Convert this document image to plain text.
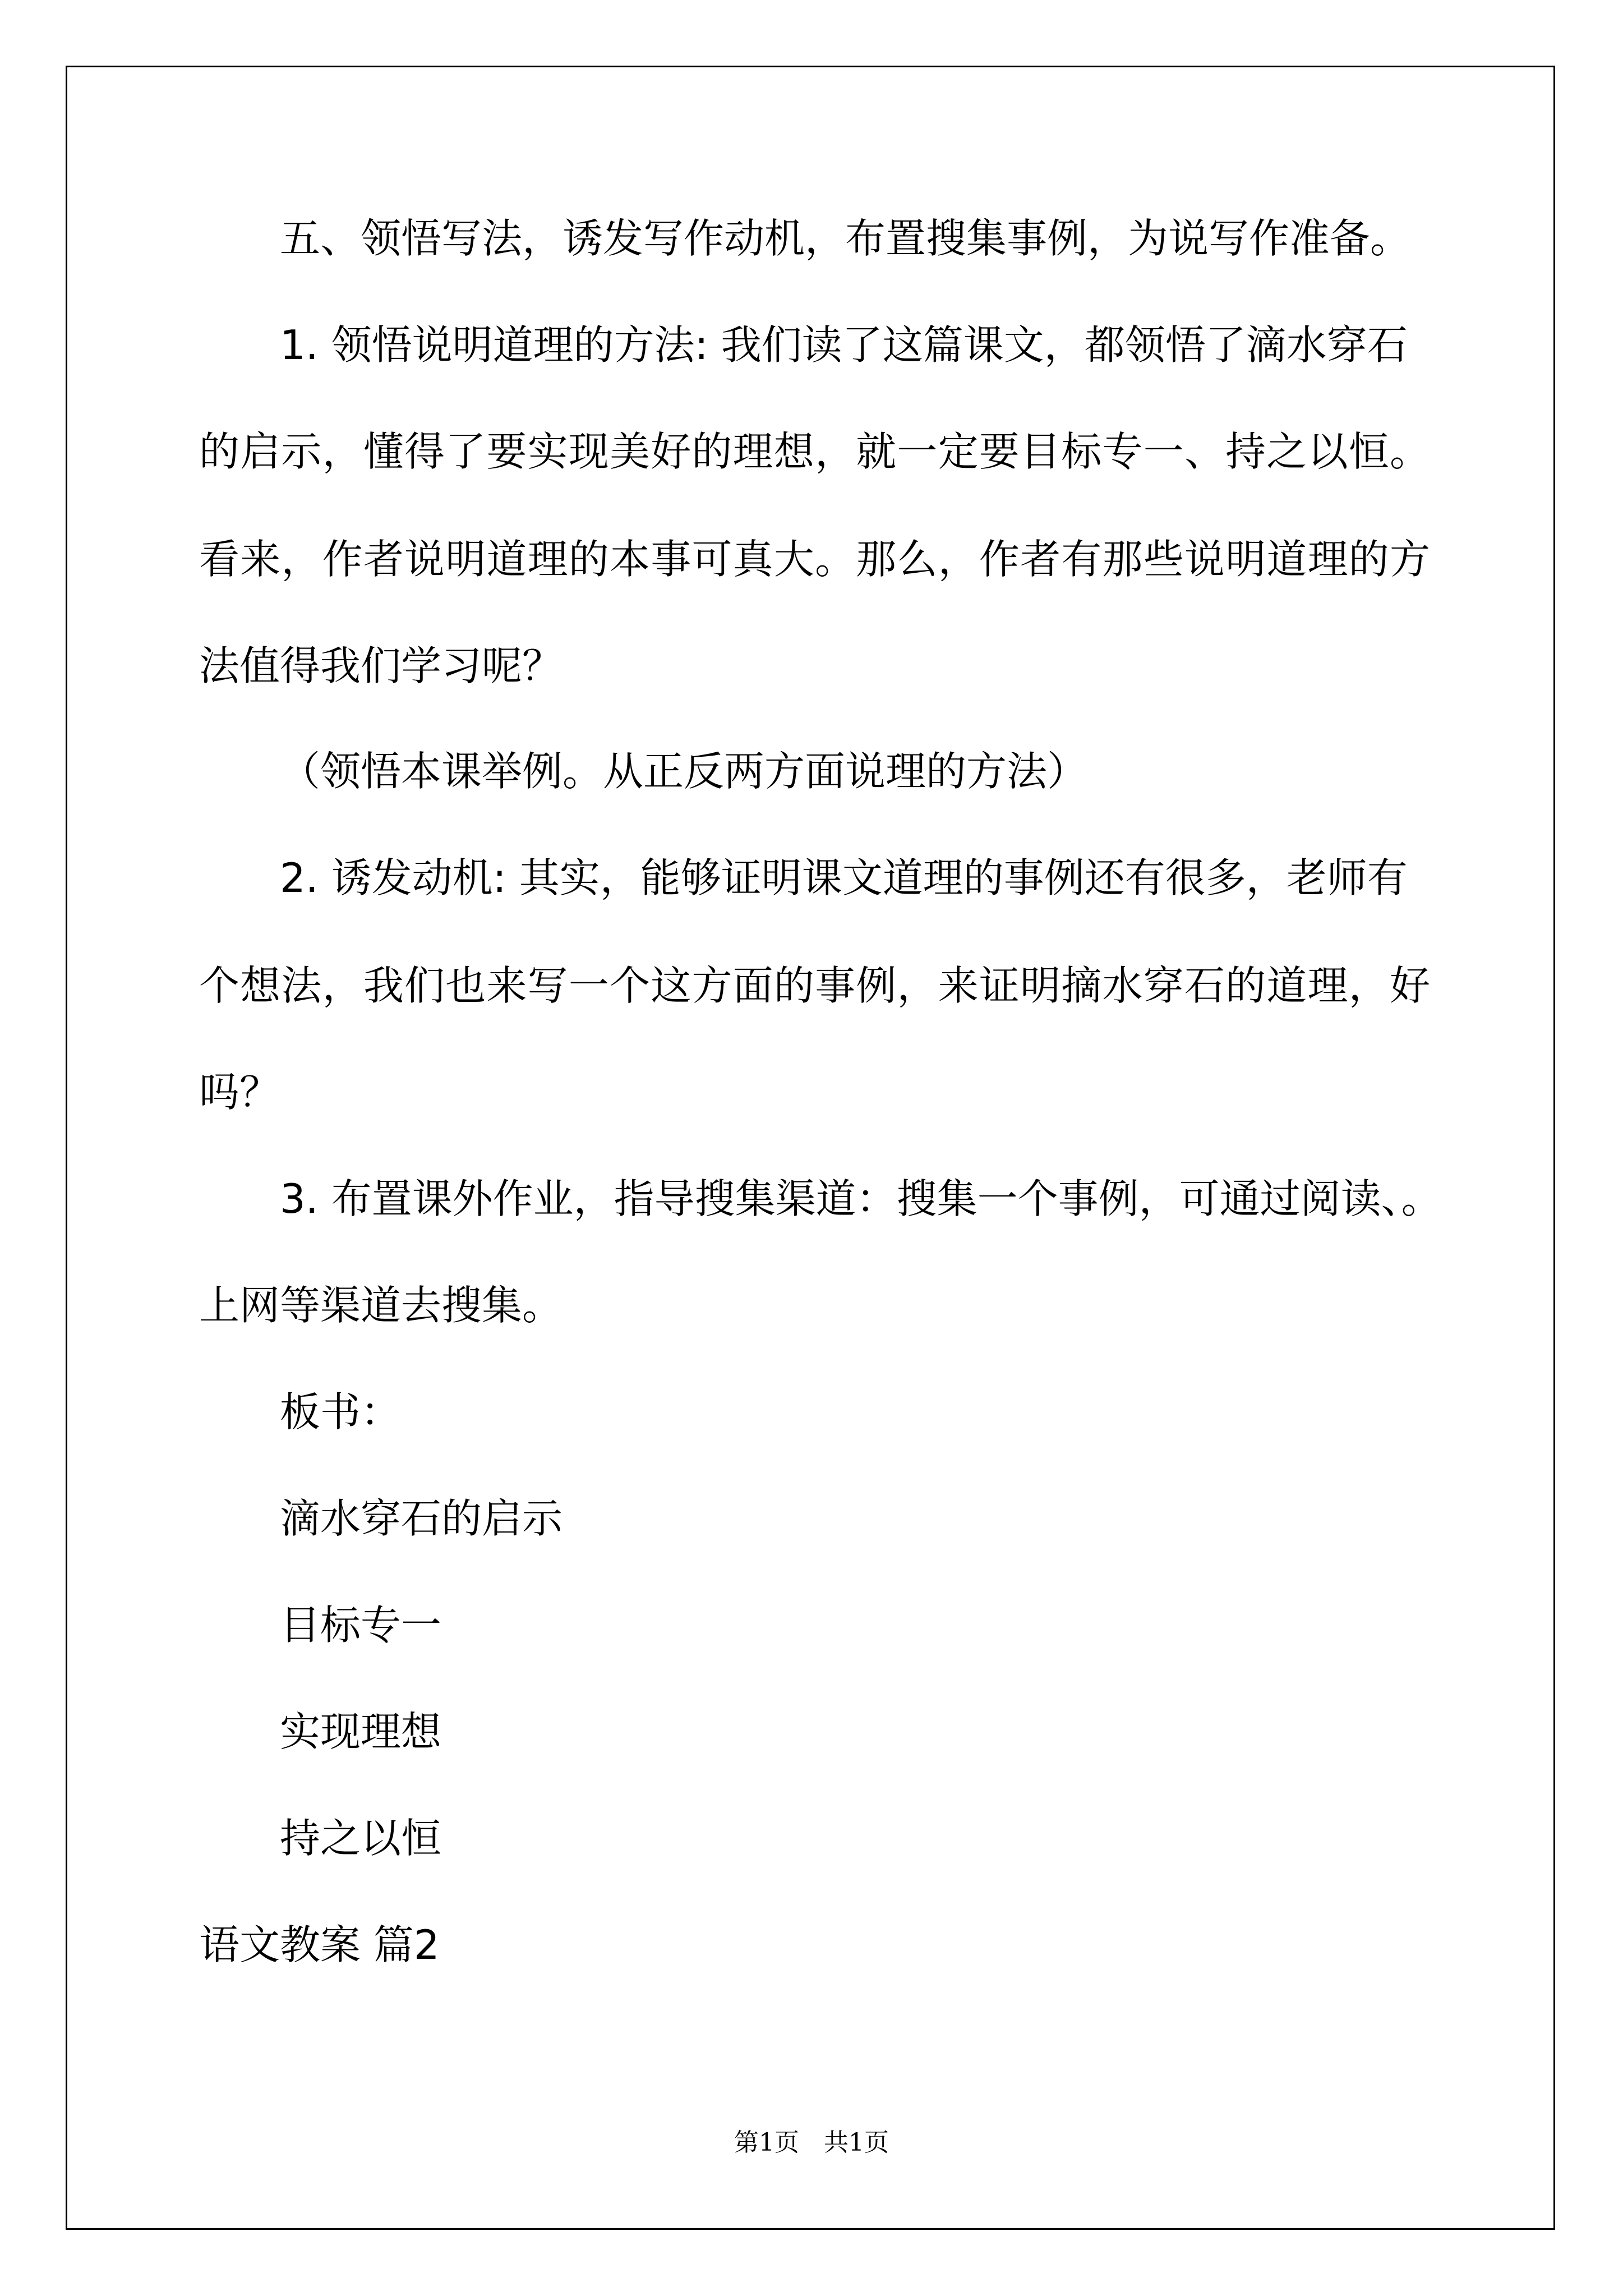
五、领悟写法，诱发写作动机，布置搜集事例，为说写作准备。
1. 领悟说明道理的方法: 我们读了这篇课文，都领悟了滴水穿石
的启示，懂得了要实现美好的理想，就一定要目标专一、持之以恒。
看来，作者说明道理的本事可真大。那么，作者有那些说明道理的方
法值得我们学习呢？
（领悟本课举例。从正反两方面说理的方法）
2. 诱发动机: 其实，能够证明课文道理的事例还有很多，老师有
个想法，我们也来写一个这方面的事例，来证明摘水穿石的道理，好
吗？
3. 布置课外作业，指导搜集渠道：搜集一个事例，可通过阅读、。
上网等渠道去搜集。
板书：
滴水穿石的启示
目标专一
实现理想
持之以恒
语文教案 篇2
第1页　共1页
